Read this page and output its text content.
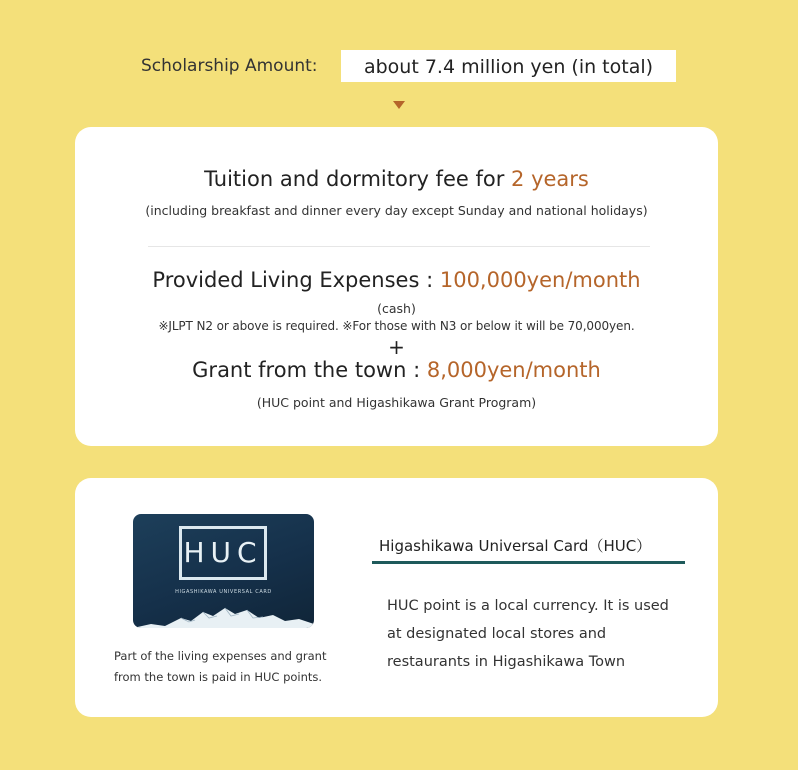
Scholarship Amount:	about 7.4 million yen (in total)
Tuition and dormitory fee for 2 years
(including breakfast and dinner every day except Sunday and national holidays)
Provided Living Expenses : 100,000yen/month
(cash)
※JLPT N2 or above is required. ※For those with N3 or below it will be 70,000yen.
+
Grant from the town : 8,000yen/month
(HUC point and Higashikawa Grant Program)
HUC
HIGASHIKAWA UNIVERSAL CARD
Part of the living expenses and grant from the town is paid in HUC points.
Higashikawa Universal Card（HUC）
HUC point is a local currency. It is used at designated local stores and restaurants in Higashikawa Town
